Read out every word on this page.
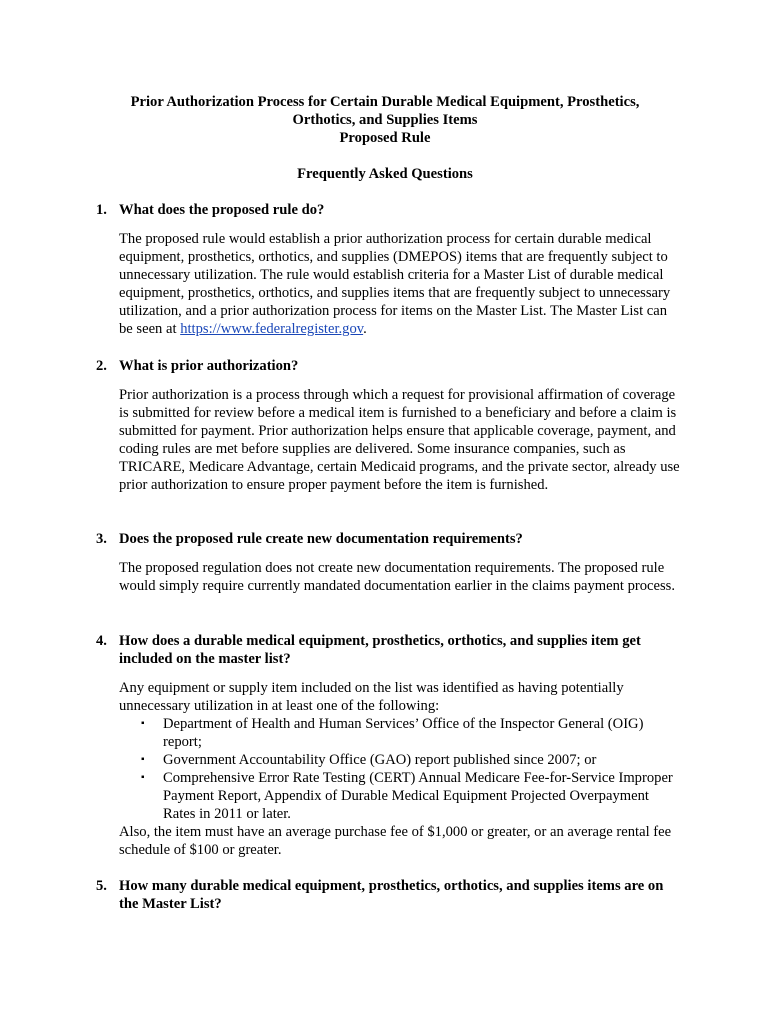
Prior Authorization Process for Certain Durable Medical Equipment, Prosthetics,
Orthotics, and Supplies Items
Proposed Rule
Frequently Asked Questions
1. What does the proposed rule do?

The proposed rule would establish a prior authorization process for certain durable medical equipment, prosthetics, orthotics, and supplies (DMEPOS) items that are frequently subject to unnecessary utilization. The rule would establish criteria for a Master List of durable medical equipment, prosthetics, orthotics, and supplies items that are frequently subject to unnecessary utilization, and a prior authorization process for items on the Master List. The Master List can be seen at https://www.federalregister.gov.

2. What is prior authorization?

Prior authorization is a process through which a request for provisional affirmation of coverage is submitted for review before a medical item is furnished to a beneficiary and before a claim is submitted for payment. Prior authorization helps ensure that applicable coverage, payment, and coding rules are met before supplies are delivered. Some insurance companies, such as TRICARE, Medicare Advantage, certain Medicaid programs, and the private sector, already use prior authorization to ensure proper payment before the item is furnished.

3. Does the proposed rule create new documentation requirements?

The proposed regulation does not create new documentation requirements. The proposed rule would simply require currently mandated documentation earlier in the claims payment process.

4. How does a durable medical equipment, prosthetics, orthotics, and supplies item get included on the master list?

Any equipment or supply item included on the list was identified as having potentially unnecessary utilization in at least one of the following:

▪	Department of Health and Human Services’ Office of the Inspector General (OIG) report;
▪	Government Accountability Office (GAO) report published since 2007; or
▪	Comprehensive Error Rate Testing (CERT) Annual Medicare Fee-for-Service Improper Payment Report, Appendix of Durable Medical Equipment Projected Overpayment Rates in 2011 or later.

Also, the item must have an average purchase fee of $1,000 or greater, or an average rental fee schedule of $100 or greater.

5. How many durable medical equipment, prosthetics, orthotics, and supplies items are on the Master List?
